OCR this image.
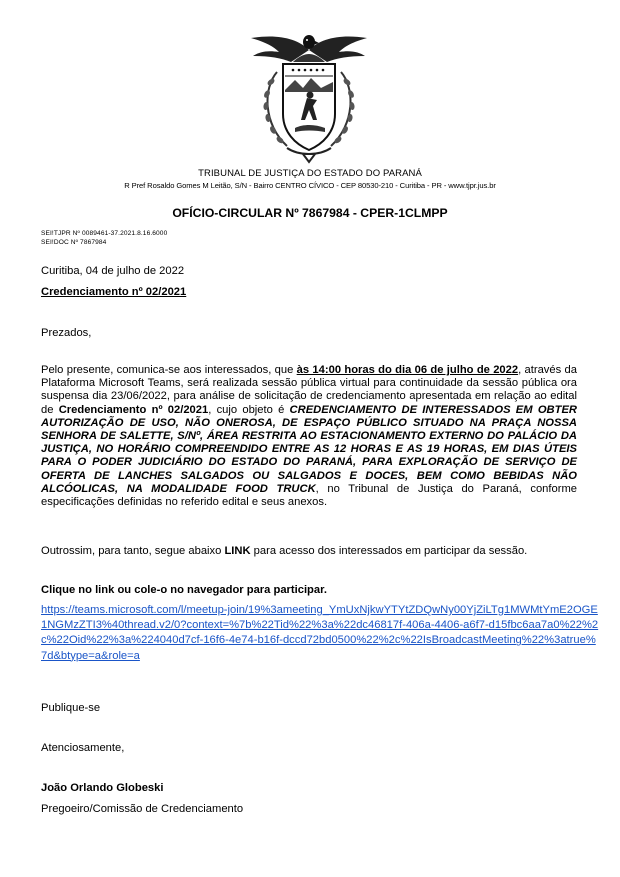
TRIBUNAL DE JUSTIÇA DO ESTADO DO PARANÁ
R Pref Rosaldo Gomes M Leitão, S/N - Bairro CENTRO CÍVICO - CEP 80530-210 - Curitiba - PR - www.tjpr.jus.br
OFÍCIO-CIRCULAR Nº 7867984 - CPER-1CLMPP
SEI!TJPR Nº 0089461-37.2021.8.16.6000
SEI!DOC Nº 7867984
Curitiba, 04 de julho de 2022
Credenciamento nº 02/2021
Prezados,
Pelo presente, comunica-se aos interessados, que às 14:00 horas do dia 06 de julho de 2022, através da Plataforma Microsoft Teams, será realizada sessão pública virtual para continuidade da sessão pública ora suspensa dia 23/06/2022, para análise de solicitação de credenciamento apresentada em relação ao edital de Credenciamento nº 02/2021, cujo objeto é CREDENCIAMENTO DE INTERESSADOS EM OBTER AUTORIZAÇÃO DE USO, NÃO ONEROSA, DE ESPAÇO PÚBLICO SITUADO NA PRAÇA NOSSA SENHORA DE SALETTE, S/Nº, ÁREA RESTRITA AO ESTACIONAMENTO EXTERNO DO PALÁCIO DA JUSTIÇA, NO HORÁRIO COMPREENDIDO ENTRE AS 12 HORAS E AS 19 HORAS, EM DIAS ÚTEIS PARA O PODER JUDICIÁRIO DO ESTADO DO PARANÁ, PARA EXPLORAÇÃO DE SERVIÇO DE OFERTA DE LANCHES SALGADOS OU SALGADOS E DOCES, BEM COMO BEBIDAS NÃO ALCÓOLICAS, NA MODALIDADE FOOD TRUCK, no Tribunal de Justiça do Paraná, conforme especificações definidas no referido edital e seus anexos.
Outrossim, para tanto, segue abaixo LINK para acesso dos interessados em participar da sessão.
Clique no link ou cole-o no navegador para participar.
https://teams.microsoft.com/l/meetup-join/19%3ameeting_YmUxNjkwYTYtZDQwNy00YjZiLTg1MWMtYmE2OGE1NGMzZTI3%40thread.v2/0?context=%7b%22Tid%22%3a%22dc46817f-406a-4406-a6f7-d15fbc6aa7a0%22%2c%22Oid%22%3a%224040d7cf-16f6-4e74-b16f-dccd72bd0500%22%2c%22IsBroadcastMeeting%22%3atrue%7d&btype=a&role=a
Publique-se
Atenciosamente,
João Orlando Globeski
Pregoeiro/Comissão de Credenciamento
